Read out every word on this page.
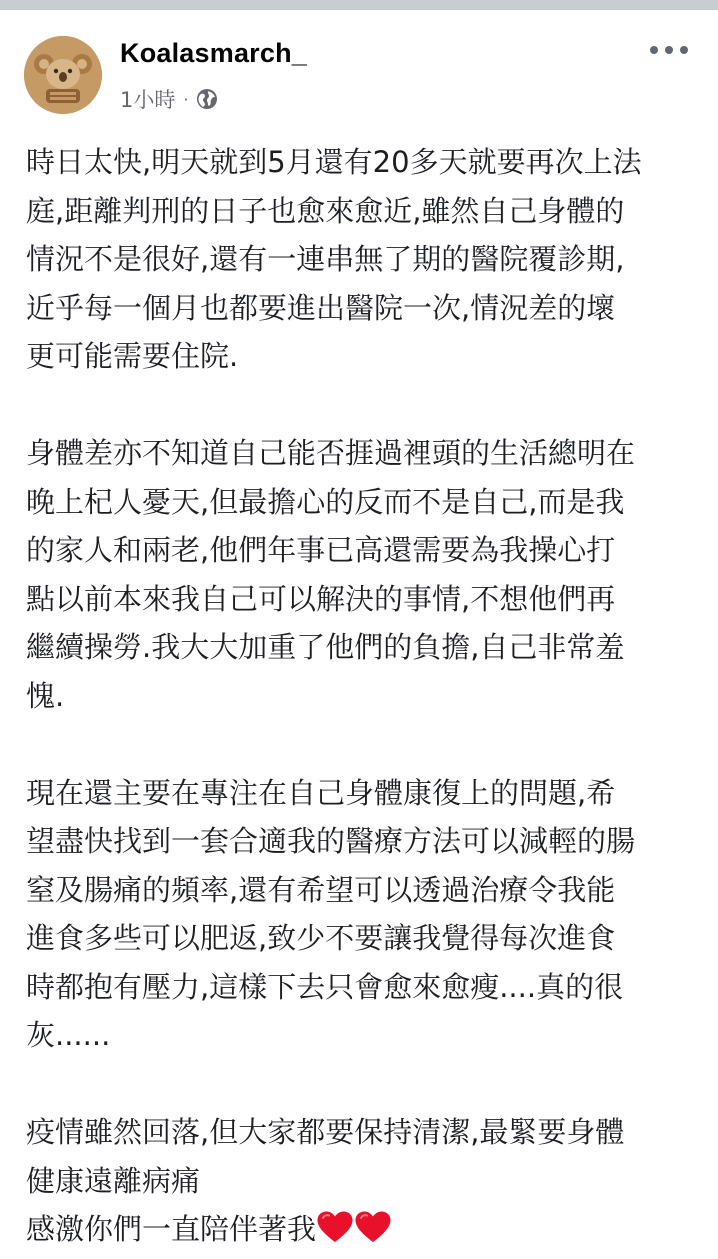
Koalasmarch_
1小時 ·

時日太快,明天就到5月還有20多天就要再次上法
庭,距離判刑的日子也愈來愈近,雖然自己身體的
情況不是很好,還有一連串無了期的醫院覆診期,
近乎每一個月也都要進出醫院一次,情況差的壞
更可能需要住院.

身體差亦不知道自己能否捱過裡頭的生活總明在
晚上杞人憂天,但最擔心的反而不是自己,而是我
的家人和兩老,他們年事已高還需要為我操心打
點以前本來我自己可以解決的事情,不想他們再
繼續操勞.我大大加重了他們的負擔,自己非常羞
愧.

現在還主要在專注在自己身體康復上的問題,希
望盡快找到一套合適我的醫療方法可以減輕的腸
窒及腸痛的頻率,還有希望可以透過治療令我能
進食多些可以肥返,致少不要讓我覺得每次進食
時都抱有壓力,這樣下去只會愈來愈瘦....真的很
灰......

疫情雖然回落,但大家都要保持清潔,最緊要身體
健康遠離病痛
感激你們一直陪伴著我
